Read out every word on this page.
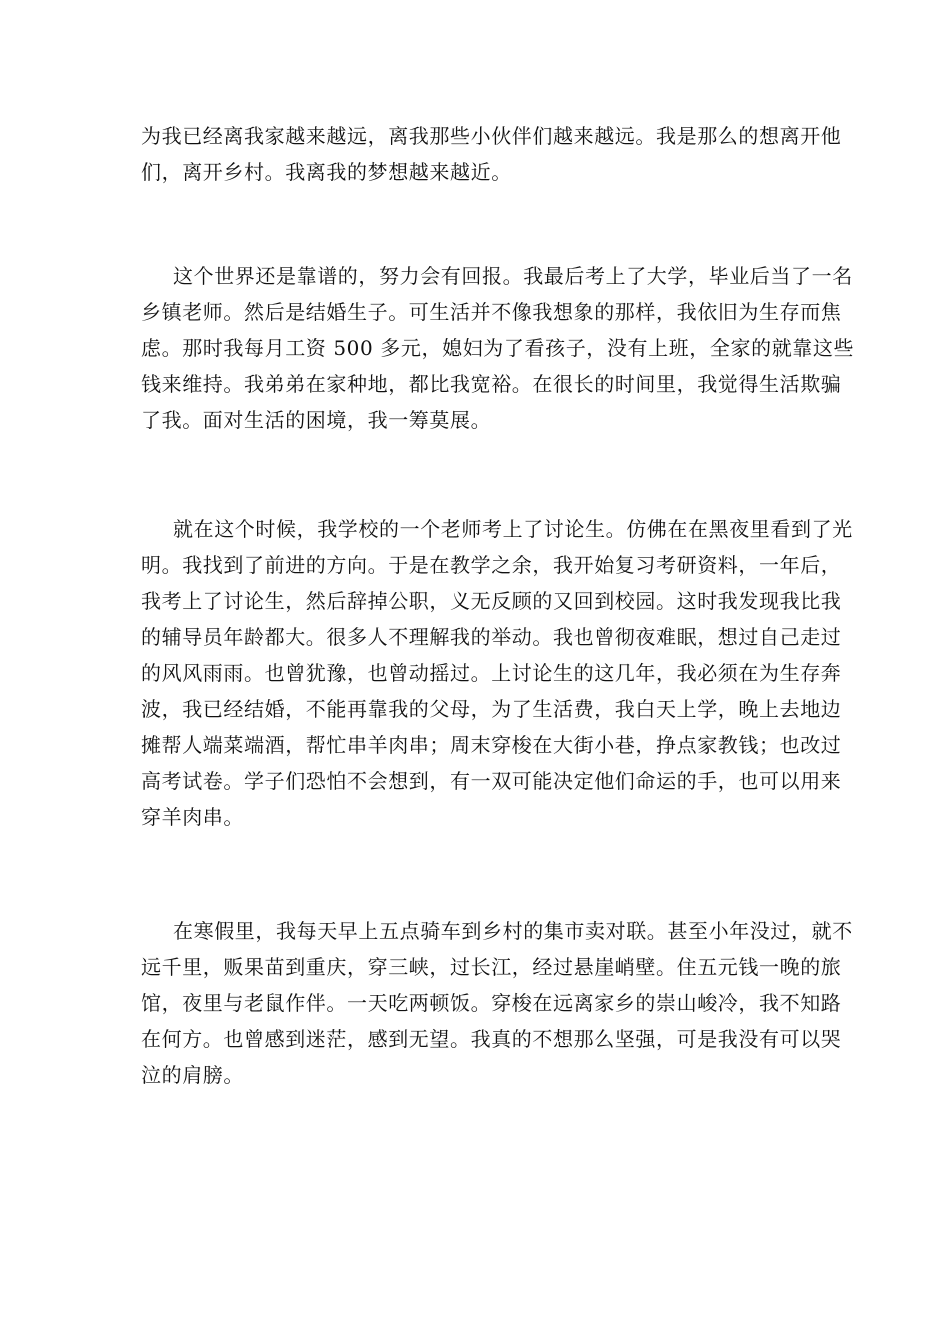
为我已经离我家越来越远，离我那些小伙伴们越来越远。我是那么的想离开他
们，离开乡村。我离我的梦想越来越近。
这个世界还是靠谱的，努力会有回报。我最后考上了大学，毕业后当了一名
乡镇老师。然后是结婚生子。可生活并不像我想象的那样，我依旧为生存而焦
虑。那时我每月工资 500 多元，媳妇为了看孩子，没有上班，全家的就靠这些
钱来维持。我弟弟在家种地，都比我宽裕。在很长的时间里，我觉得生活欺骗
了我。面对生活的困境，我一筹莫展。
就在这个时候，我学校的一个老师考上了讨论生。仿佛在在黑夜里看到了光
明。我找到了前进的方向。于是在教学之余，我开始复习考研资料，一年后，
我考上了讨论生，然后辞掉公职，义无反顾的又回到校园。这时我发现我比我
的辅导员年龄都大。很多人不理解我的举动。我也曾彻夜难眠，想过自己走过
的风风雨雨。也曾犹豫，也曾动摇过。上讨论生的这几年，我必须在为生存奔
波，我已经结婚，不能再靠我的父母，为了生活费，我白天上学，晚上去地边
摊帮人端菜端酒，帮忙串羊肉串；周末穿梭在大街小巷，挣点家教钱；也改过
高考试卷。学子们恐怕不会想到，有一双可能决定他们命运的手，也可以用来
穿羊肉串。
在寒假里，我每天早上五点骑车到乡村的集市卖对联。甚至小年没过，就不
远千里，贩果苗到重庆，穿三峡，过长江，经过悬崖峭壁。住五元钱一晚的旅
馆，夜里与老鼠作伴。一天吃两顿饭。穿梭在远离家乡的崇山峻冷，我不知路
在何方。也曾感到迷茫，感到无望。我真的不想那么坚强，可是我没有可以哭
泣的肩膀。
